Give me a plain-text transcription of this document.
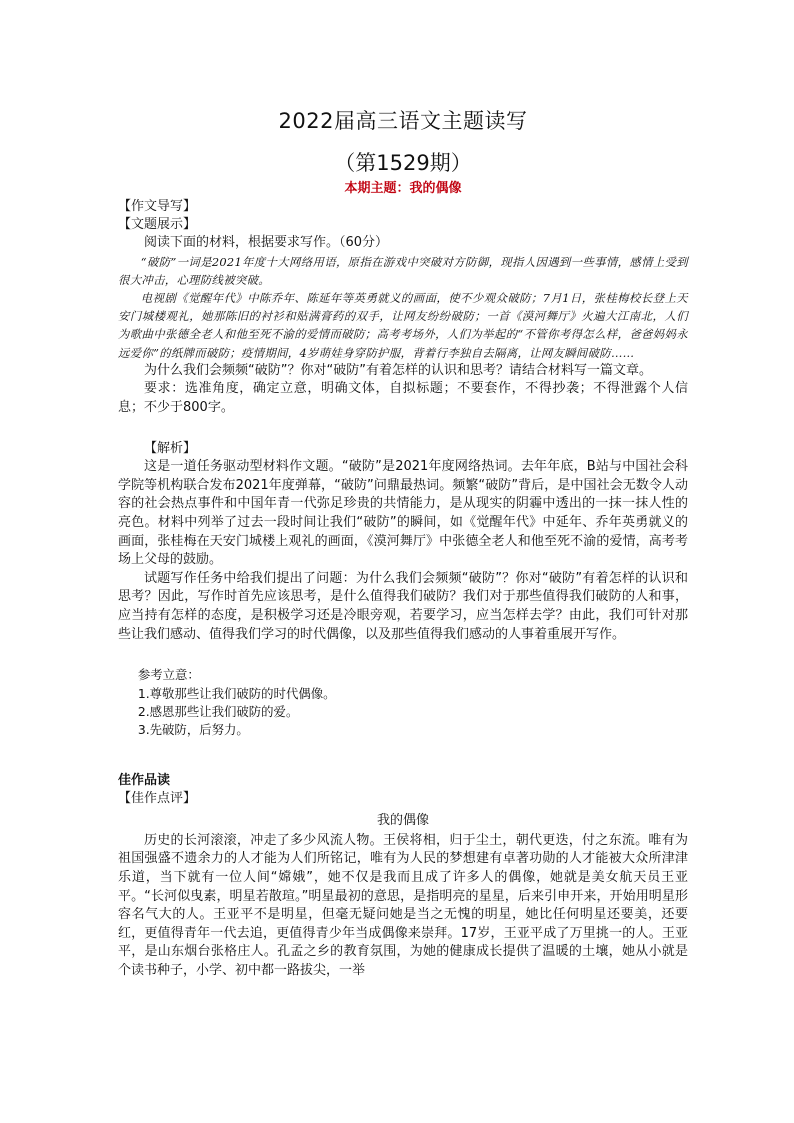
2022届高三语文主题读写
（第1529期）
本期主题：我的偶像
【作文导写】
【文题展示】

阅读下面的材料，根据要求写作。（60分）

“破防”一词是2021年度十大网络用语，原指在游戏中突破对方防御，现指人因遇到一些事情，感情上受到很大冲击，心理防线被突破。

电视剧《觉醒年代》中陈乔年、陈延年等英勇就义的画面，使不少观众破防；7月1日，张桂梅校长登上天安门城楼观礼，她那陈旧的衬衫和贴满膏药的双手，让网友纷纷破防；一首《漠河舞厅》火遍大江南北，人们为歌曲中张德全老人和他至死不渝的爱情而破防；高考考场外，人们为举起的“不管你考得怎么样，爸爸妈妈永远爱你”的纸牌而破防；疫情期间，4岁萌娃身穿防护服，背着行李独自去隔离，让网友瞬间破防……

为什么我们会频频“破防”？你对“破防”有着怎样的认识和思考？请结合材料写一篇文章。

要求：选准角度，确定立意，明确文体，自拟标题；不要套作，不得抄袭；不得泄露个人信息；不少于800字。

【解析】

这是一道任务驱动型材料作文题。“破防”是2021年度网络热词。去年年底，B站与中国社会科学院等机构联合发布2021年度弹幕，“破防”问鼎最热词。频繁“破防”背后，是中国社会无数令人动容的社会热点事件和中国年青一代弥足珍贵的共情能力，是从现实的阴霾中透出的一抹一抹人性的亮色。材料中列举了过去一段时间让我们“破防”的瞬间，如《觉醒年代》中延年、乔年英勇就义的画面，张桂梅在天安门城楼上观礼的画面，《漠河舞厅》中张德全老人和他至死不渝的爱情，高考考场上父母的鼓励。

试题写作任务中给我们提出了问题：为什么我们会频频“破防”？你对“破防”有着怎样的认识和思考？因此，写作时首先应该思考，是什么值得我们破防？我们对于那些值得我们破防的人和事，应当持有怎样的态度，是积极学习还是冷眼旁观，若要学习，应当怎样去学？由此，我们可针对那些让我们感动、值得我们学习的时代偶像，以及那些值得我们感动的人事着重展开写作。

参考立意：
1.尊敬那些让我们破防的时代偶像。
2.感恩那些让我们破防的爱。
3.先破防，后努力。
佳作品读
【佳作点评】
我的偶像

历史的长河滚滚，冲走了多少风流人物。王侯将相，归于尘土，朝代更迭，付之东流。唯有为祖国强盛不遗余力的人才能为人们所铭记，唯有为人民的梦想建有卓著功勋的人才能被大众所津津乐道，当下就有一位人间“嫦娥”，她不仅是我而且成了许多人的偶像，她就是美女航天员王亚平。“长河似曳素，明星若散瑄。”明星最初的意思，是指明亮的星星，后来引申开来，开始用明星形容名气大的人。王亚平不是明星，但毫无疑问她是当之无愧的明星，她比任何明星还要美，还要红，更值得青年一代去追，更值得青少年当成偶像来崇拜。17岁，王亚平成了万里挑一的人。王亚平，是山东烟台张格庄人。孔孟之乡的教育氛围，为她的健康成长提供了温暖的土壤，她从小就是个读书种子，小学、初中都一路拔尖，一举
